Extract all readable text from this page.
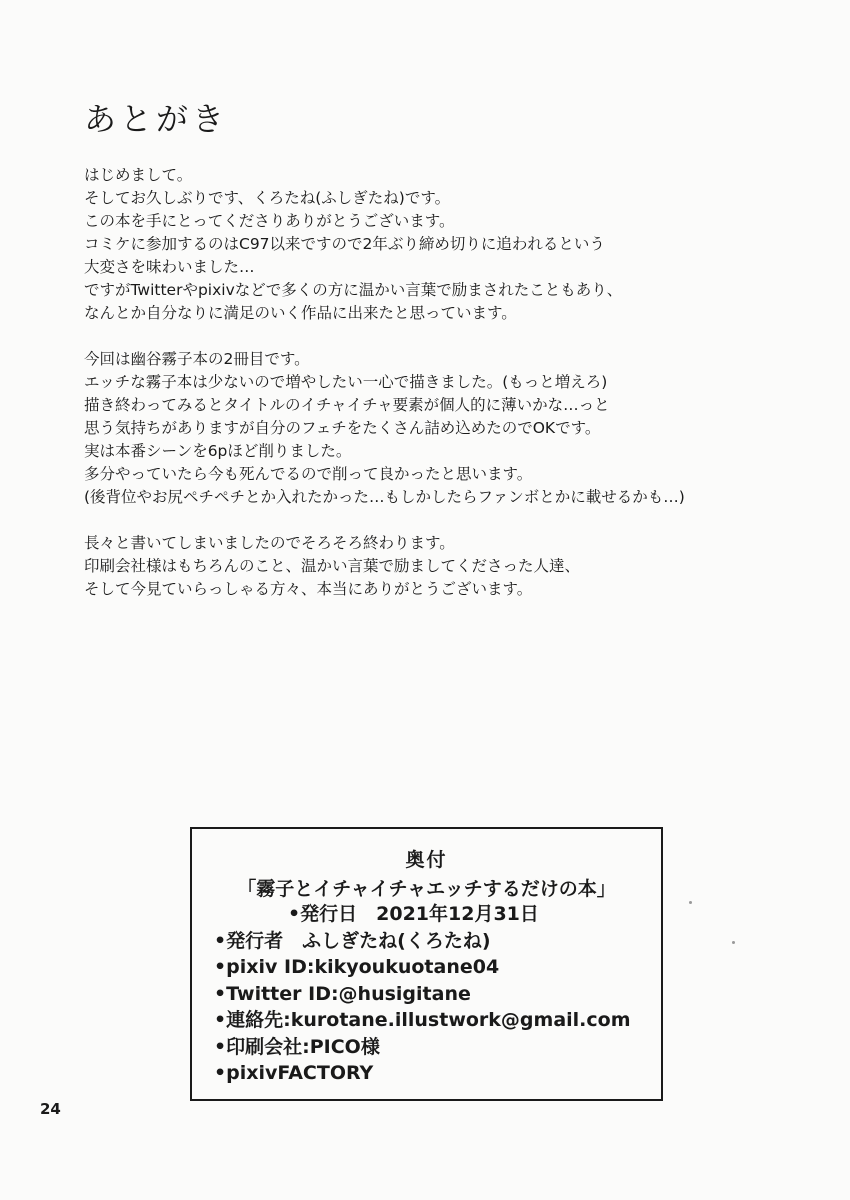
あとがき

はじめまして。
そしてお久しぶりです、くろたね(ふしぎたね)です。
この本を手にとってくださりありがとうございます。
コミケに参加するのはC97以来ですので2年ぶり締め切りに追われるという
大変さを味わいました…
ですがTwitterやpixivなどで多くの方に温かい言葉で励まされたこともあり、
なんとか自分なりに満足のいく作品に出来たと思っています。

今回は幽谷霧子本の2冊目です。
エッチな霧子本は少ないので増やしたい一心で描きました。(もっと増えろ)
描き終わってみるとタイトルのイチャイチャ要素が個人的に薄いかな…っと
思う気持ちがありますが自分のフェチをたくさん詰め込めたのでOKです。
実は本番シーンを6pほど削りました。
多分やっていたら今も死んでるので削って良かったと思います。
(後背位やお尻ペチペチとか入れたかった…もしかしたらファンボとかに載せるかも…)

長々と書いてしまいましたのでそろそろ終わります。
印刷会社様はもちろんのこと、温かい言葉で励ましてくださった人達、
そして今見ていらっしゃる方々、本当にありがとうございます。

奥付
「霧子とイチャイチャエッチするだけの本」
•発行日　2021年12月31日
•発行者　ふしぎたね(くろたね)
•pixiv ID:kikyoukuotane04
•Twitter ID:@husigitane
•連絡先:kurotane.illustwork@gmail.com
•印刷会社:PICO様
•pixivFACTORY
24
